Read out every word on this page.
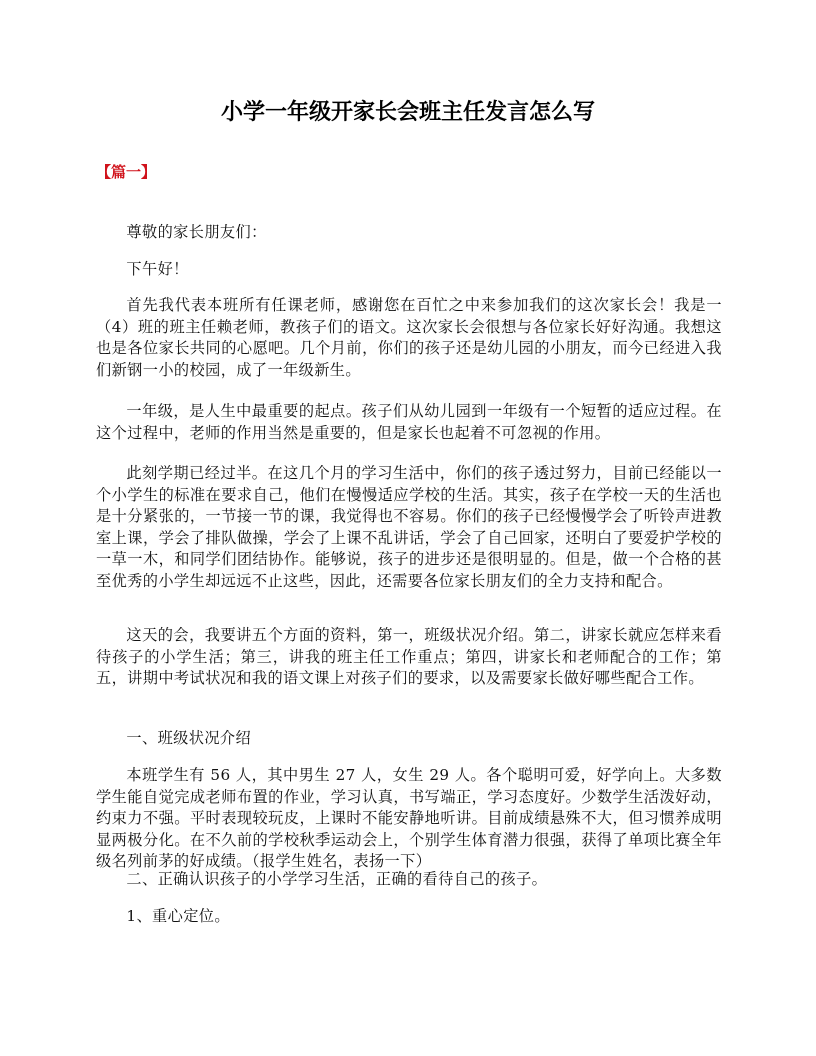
小学一年级开家长会班主任发言怎么写
【篇一】

尊敬的家长朋友们：

下午好！

首先我代表本班所有任课老师，感谢您在百忙之中来参加我们的这次家长会！我是一（4）班的班主任赖老师，教孩子们的语文。这次家长会很想与各位家长好好沟通。我想这也是各位家长共同的心愿吧。几个月前，你们的孩子还是幼儿园的小朋友，而今已经进入我们新钢一小的校园，成了一年级新生。

一年级，是人生中最重要的起点。孩子们从幼儿园到一年级有一个短暂的适应过程。在这个过程中，老师的作用当然是重要的，但是家长也起着不可忽视的作用。

此刻学期已经过半。在这几个月的学习生活中，你们的孩子透过努力，目前已经能以一个小学生的标准在要求自己，他们在慢慢适应学校的生活。其实，孩子在学校一天的生活也是十分紧张的，一节接一节的课，我觉得也不容易。你们的孩子已经慢慢学会了听铃声进教室上课，学会了排队做操，学会了上课不乱讲话，学会了自己回家，还明白了要爱护学校的一草一木，和同学们团结协作。能够说，孩子的进步还是很明显的。但是，做一个合格的甚至优秀的小学生却远远不止这些，因此，还需要各位家长朋友们的全力支持和配合。

这天的会，我要讲五个方面的资料，第一，班级状况介绍。第二，讲家长就应怎样来看待孩子的小学生活；第三，讲我的班主任工作重点；第四，讲家长和老师配合的工作；第五，讲期中考试状况和我的语文课上对孩子们的要求，以及需要家长做好哪些配合工作。

一、班级状况介绍

本班学生有 56 人，其中男生 27 人，女生 29 人。各个聪明可爱，好学向上。大多数学生能自觉完成老师布置的作业，学习认真，书写端正，学习态度好。少数学生活泼好动，约束力不强。平时表现较玩皮，上课时不能安静地听讲。目前成绩悬殊不大，但习惯养成明显两极分化。在不久前的学校秋季运动会上，个别学生体育潜力很强，获得了单项比赛全年级名列前茅的好成绩。（报学生姓名，表扬一下）

二、正确认识孩子的小学学习生活，正确的看待自己的孩子。

1、重心定位。
